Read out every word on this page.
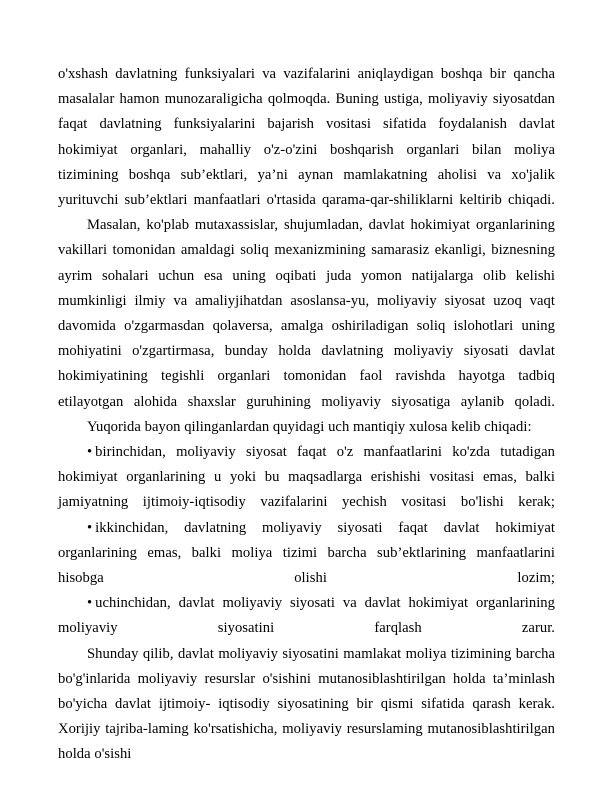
o'xshash davlatning funksiyalari va vazifalarini aniqlaydigan boshqa bir qancha masalalar hamon munozaraligicha qolmoqda. Buning ustiga, moliyaviy siyosatdan faqat davlatning funksiyalarini bajarish vositasi sifatida foydalanish davlat hokimiyat organlari, mahalliy o'z-o'zini boshqarish organlari bilan moliya tizimining boshqa sub’ektlari, ya’ni aynan mamlakatning aholisi va xo'jalik yurituvchi sub’ektlari manfaatlari o'rtasida qarama-qar-shiliklarni keltirib chiqadi.

Masalan, ko'plab mutaxassislar, shujumladan, davlat hokimiyat organlarining vakillari tomonidan amaldagi soliq mexanizmining samarasiz ekanligi, biznesning ayrim sohalari uchun esa uning oqibati juda yomon natijalarga olib kelishi mumkinligi ilmiy va amaliyjihatdan asoslansa-yu, moliyaviy siyosat uzoq vaqt davomida o'zgarmasdan qolaversa, amalga oshiriladigan soliq islohotlari uning mohiyatini o'zgartirmasa, bunday holda davlatning moliyaviy siyosati davlat hokimiyatining tegishli organlari tomonidan faol ravishda hayotga tadbiq etilayotgan alohida shaxslar guruhining moliyaviy siyosatiga aylanib qoladi.

Yuqorida bayon qilinganlardan quyidagi uch mantiqiy xulosa kelib chiqadi:

• birinchidan, moliyaviy siyosat faqat o'z manfaatlarini ko'zda tutadigan hokimiyat organlarining u yoki bu maqsadlarga erishishi vositasi emas, balki jamiyatning ijtimoiy-iqtisodiy vazifalarini yechish vositasi bo'lishi kerak;

• ikkinchidan, davlatning moliyaviy siyosati faqat davlat hokimiyat organlarining emas, balki moliya tizimi barcha sub’ektlarining manfaatlarini hisobga olishi lozim;

• uchinchidan, davlat moliyaviy siyosati va davlat hokimiyat organlarining moliyaviy siyosatini farqlash zarur.

Shunday qilib, davlat moliyaviy siyosatini mamlakat moliya tizimining barcha bo'g'inlarida moliyaviy resurslar o'sishini mutanosiblashtirilgan holda ta’minlash bo'yicha davlat ijtimoiy- iqtisodiy siyosatining bir qismi sifatida qarash kerak. Xorijiy tajriba-laming ko'rsatishicha, moliyaviy resurslaming mutanosiblashtirilgan holda o'sishi
